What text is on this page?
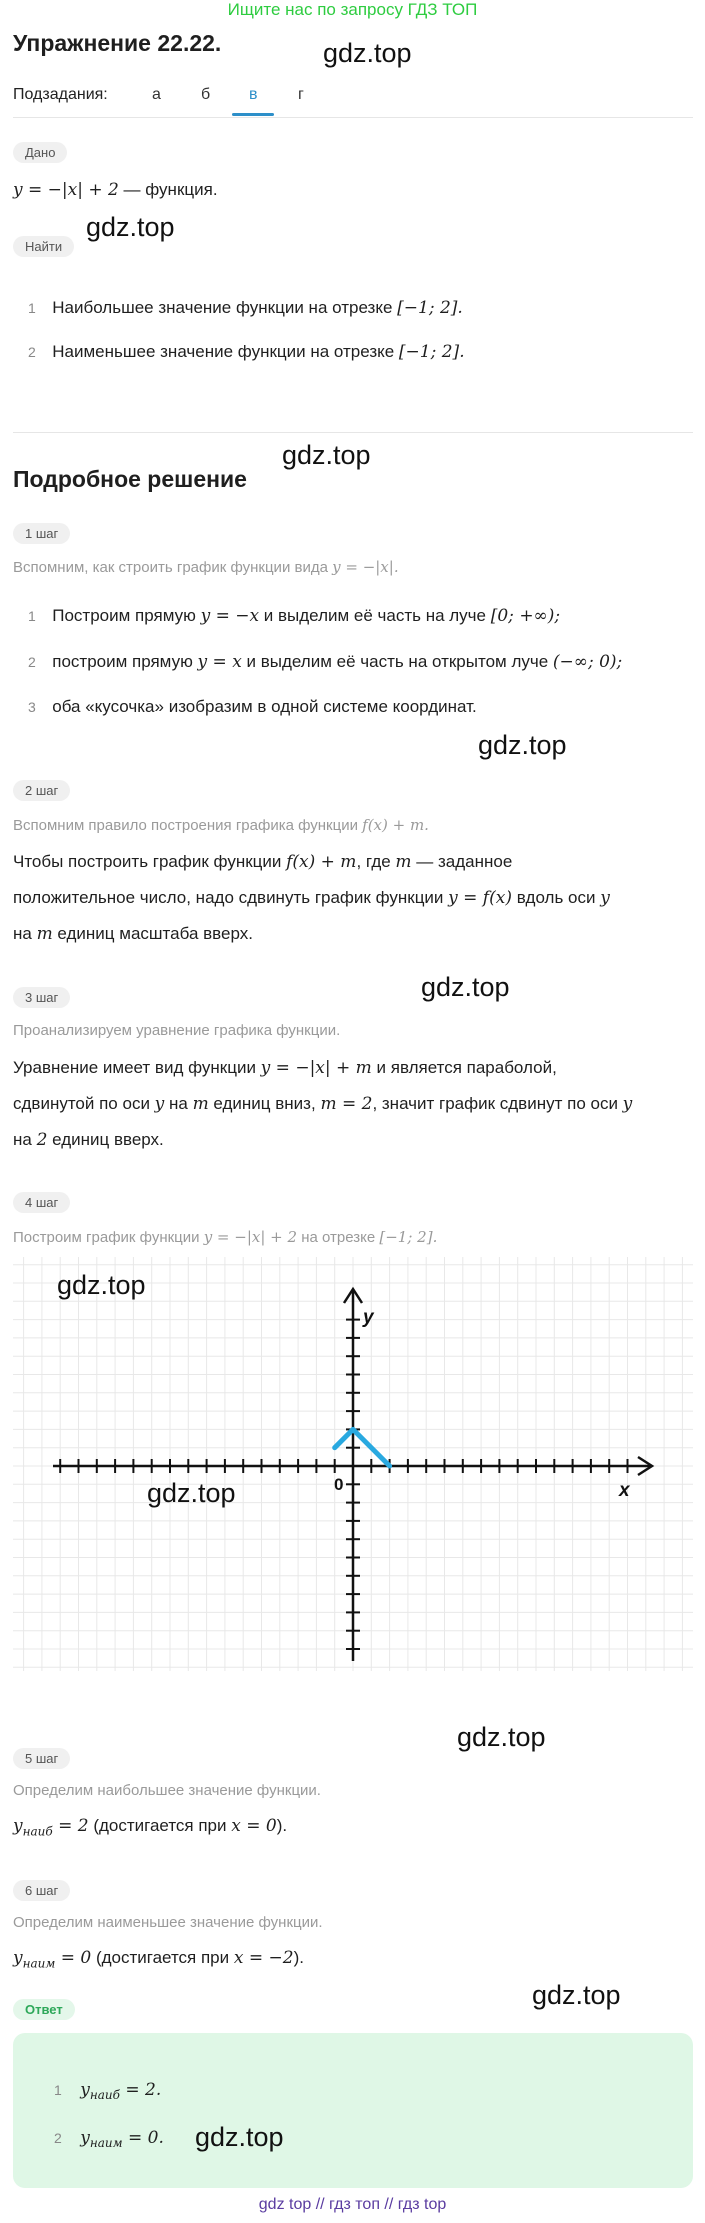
Ищите нас по запросу ГДЗ ТОП
Упражнение 22.22.
Подзадания:	а	б в	г
Дано
y = −|x| + 2 — функция.
Найти
1 Наибольшее значение функции на отрезке [−1; 2].
2 Наименьшее значение функции на отрезке [−1; 2].
Подробное решение
1 шаг
Вспомним, как строить график функции вида y = −|x|.
1 Построим прямую y = −x и выделим её часть на луче [0; +∞);
2 построим прямую y = x и выделим её часть на открытом луче (−∞; 0);
3 оба «кусочка» изобразим в одной системе координат.
2 шаг
Вспомним правило построения графика функции f(x) + m.
Чтобы построить график функции f(x) + m, где m — заданное
положительное число, надо сдвинуть график функции y = f(x) вдоль оси y
на m единиц масштаба вверх.
3 шаг
Проанализируем уравнение графика функции.
Уравнение имеет вид функции y = −|x| + m и является параболой,
сдвинутой по оси y на m единиц вниз, m = 2, значит график сдвинут по оси y
на 2 единиц вверх.
4 шаг
Построим график функции y = −|x| + 2 на отрезке [−1; 2].
x
y
0
5 шаг
Определим наибольшее значение функции.
$y_{наиб} = 2$ (достигается при x = 0).
6 шаг
Определим наименьшее значение функции.
$y_{наим} = 0$ (достигается при x = −2).
Ответ
1 $y_{наиб} = 2$.
2 $y_{наим} = 0$.
gdz.top
gdz.top
gdz.top
gdz.top
gdz.top
gdz.top
gdz.top
gdz.top
gdz.top
gdz.top
gdz top // гдз топ // гдз top
